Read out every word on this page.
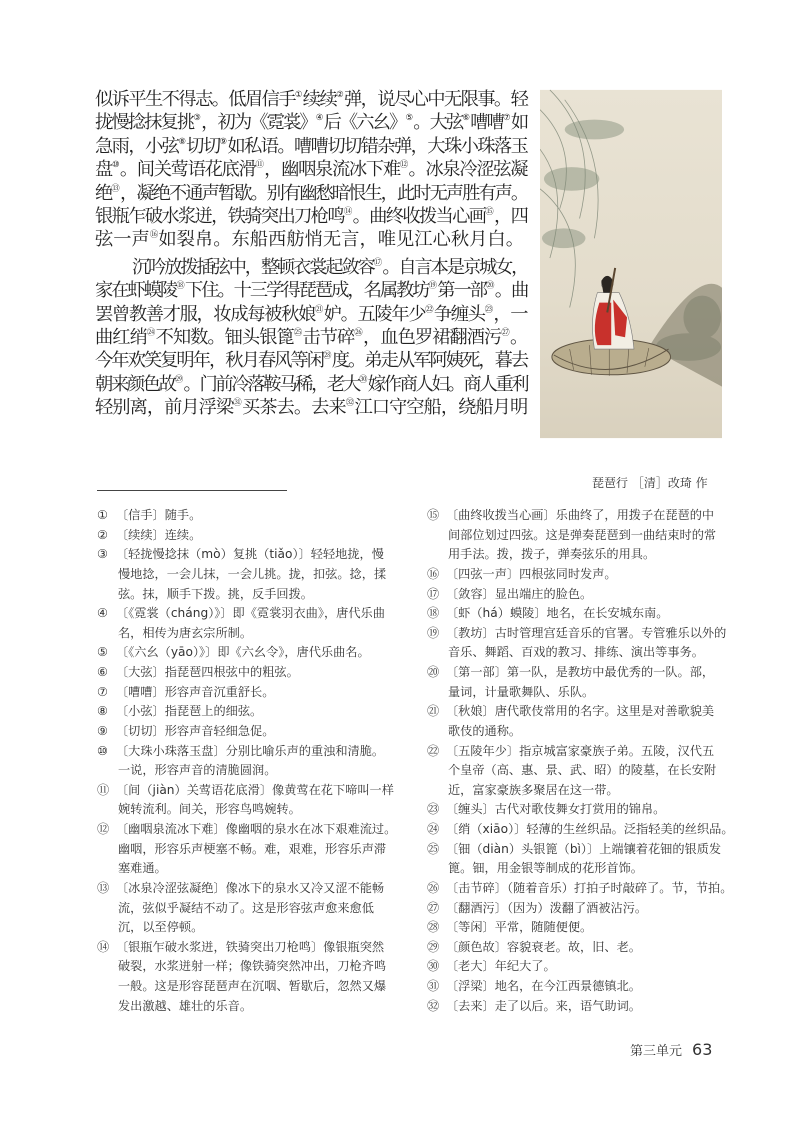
似诉平生不得志。低眉信手①续续②弹，说尽心中无限事。轻
拢慢捻抹复挑③，初为《霓裳》④后《六幺》⑤。大弦⑥嘈嘈⑦如
急雨，小弦⑧切切⑨如私语。嘈嘈切切错杂弹，大珠小珠落玉
盘⑩。间关莺语花底滑⑪，幽咽泉流冰下难⑫。冰泉冷涩弦凝
绝⑬，凝绝不通声暂歇。别有幽愁暗恨生，此时无声胜有声。
银瓶乍破水浆迸，铁骑突出刀枪鸣⑭。曲终收拨当心画⑮，四
弦一声⑯如裂帛。东船西舫悄无言，唯见江心秋月白。
沉吟放拨插弦中，整顿衣裳起敛容⑰。自言本是京城女，
家在虾蟆陵⑱下住。十三学得琵琶成，名属教坊⑲第一部⑳。曲
罢曾教善才服，妆成每被秋娘$^㉑$妒。五陵年少$^㉒$争缠头$^㉓$，一
曲红绡$^㉔$不知数。钿头银篦$^㉕$击节碎$^㉖$，血色罗裙翻酒污$^㉗$。
今年欢笑复明年，秋月春风等闲$^㉘$度。弟走从军阿姨死，暮去
朝来颜色故$^㉙$。门前冷落鞍马稀，老大$^㉚$嫁作商人妇。商人重利
轻别离，前月浮梁$^㉛$买茶去。去来$^㉜$江口守空船，绕船月明
琵琶行 ［清］改琦 作
① 〔信手〕随手。
② 〔续续〕连续。
③ 〔轻拢慢捻抹（mò）复挑（tiǎo）〕轻轻地拢，慢
慢地捻，一会儿抹，一会儿挑。拢，扣弦。捻，揉
弦。抹，顺手下拨。挑，反手回拨。
④ 〔《霓裳（cháng）》〕即《霓裳羽衣曲》，唐代乐曲
名，相传为唐玄宗所制。
⑤ 〔《六幺（yāo）》〕即《六幺令》，唐代乐曲名。
⑥ 〔大弦〕指琵琶四根弦中的粗弦。
⑦ 〔嘈嘈〕形容声音沉重舒长。
⑧ 〔小弦〕指琵琶上的细弦。
⑨ 〔切切〕形容声音轻细急促。
⑩ 〔大珠小珠落玉盘〕分别比喻乐声的重浊和清脆。
一说，形容声音的清脆圆润。
⑪ 〔间（jiàn）关莺语花底滑〕像黄莺在花下啼叫一样
婉转流利。间关，形容鸟鸣婉转。
⑫ 〔幽咽泉流冰下难〕像幽咽的泉水在冰下艰难流过。
幽咽，形容乐声梗塞不畅。难，艰难，形容乐声滞
塞难通。
⑬ 〔冰泉冷涩弦凝绝〕像冰下的泉水又冷又涩不能畅
流，弦似乎凝结不动了。这是形容弦声愈来愈低
沉，以至停顿。
⑭ 〔银瓶乍破水浆迸，铁骑突出刀枪鸣〕像银瓶突然
破裂，水浆迸射一样；像铁骑突然冲出，刀枪齐鸣
一般。这是形容琵琶声在沉咽、暂歇后，忽然又爆
发出激越、雄壮的乐音。
⑮ 〔曲终收拨当心画〕乐曲终了，用拨子在琵琶的中
间部位划过四弦。这是弹奏琵琶到一曲结束时的常
用手法。拨，拨子，弹奏弦乐的用具。
⑯ 〔四弦一声〕四根弦同时发声。
⑰ 〔敛容〕显出端庄的脸色。
⑱ 〔虾（há）蟆陵〕地名，在长安城东南。
⑲ 〔教坊〕古时管理宫廷音乐的官署。专管雅乐以外的
音乐、舞蹈、百戏的教习、排练、演出等事务。
⑳ 〔第一部〕第一队，是教坊中最优秀的一队。部，
量词，计量歌舞队、乐队。
㉑ 〔秋娘〕唐代歌伎常用的名字。这里是对善歌貌美
歌伎的通称。
㉒ 〔五陵年少〕指京城富家豪族子弟。五陵，汉代五
个皇帝（高、惠、景、武、昭）的陵墓，在长安附
近，富家豪族多聚居在这一带。
㉓ 〔缠头〕古代对歌伎舞女打赏用的锦帛。
㉔ 〔绡（xiāo）〕轻薄的生丝织品。泛指轻美的丝织品。
㉕ 〔钿（diàn）头银篦（bì）〕上端镶着花钿的银质发
篦。钿，用金银等制成的花形首饰。
㉖ 〔击节碎〕（随着音乐）打拍子时敲碎了。节，节拍。
㉗ 〔翻酒污〕（因为）泼翻了酒被沾污。
㉘ 〔等闲〕平常，随随便便。
㉙ 〔颜色故〕容貌衰老。故，旧、老。
㉚ 〔老大〕年纪大了。
㉛ 〔浮梁〕地名，在今江西景德镇北。
㉜ 〔去来〕走了以后。来，语气助词。
第三单元 63
